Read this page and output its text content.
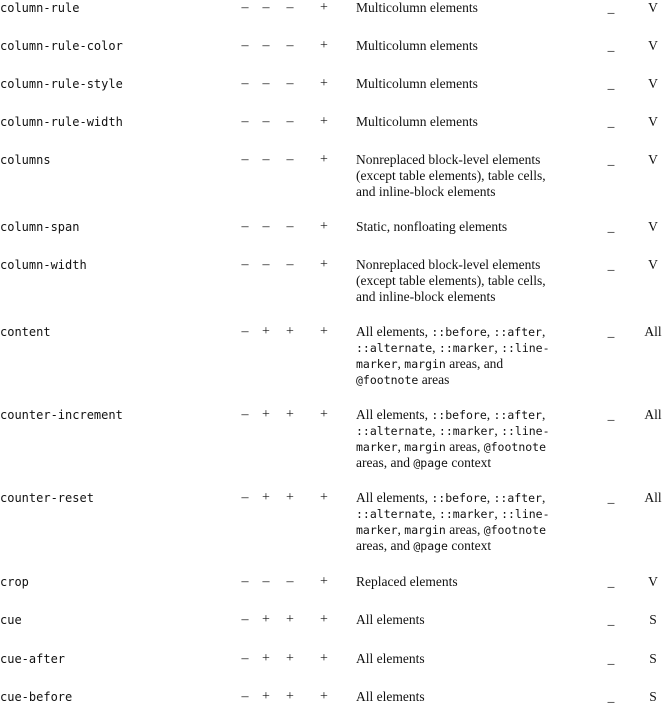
column-rule	– – – + Multicolumn elements	_	V
column-rule-color	– – – + Multicolumn elements	_	V
column-rule-style	– – – + Multicolumn elements	_	V
column-rule-width	– – – + Multicolumn elements	_	V
columns	– – – + Nonreplaced block-level elements
(except table elements), table cells,
and inline-block elements
_	V
column-span	– – – + Static, nonfloating elements	_	V
column-width	– – – + Nonreplaced block-level elements
(except table elements), table cells,
and inline-block elements
_	V
content	– + + + All elements, ::before, ::after,
::alternate, ::marker, ::line-
marker, margin areas, and
@footnote areas
_	All
counter-increment	– + + + All elements, ::before, ::after,
::alternate, ::marker, ::line-
marker, margin areas, @footnote
areas, and @page context
_	All
counter-reset	– + + + All elements, ::before, ::after,
::alternate, ::marker, ::line-
marker, margin areas, @footnote
areas, and @page context
_	All
crop	– – – + Replaced elements	_	V
cue	– + + + All elements	_	S
cue-after	– + + + All elements	_	S
cue-before	– + + + All elements	_	S
